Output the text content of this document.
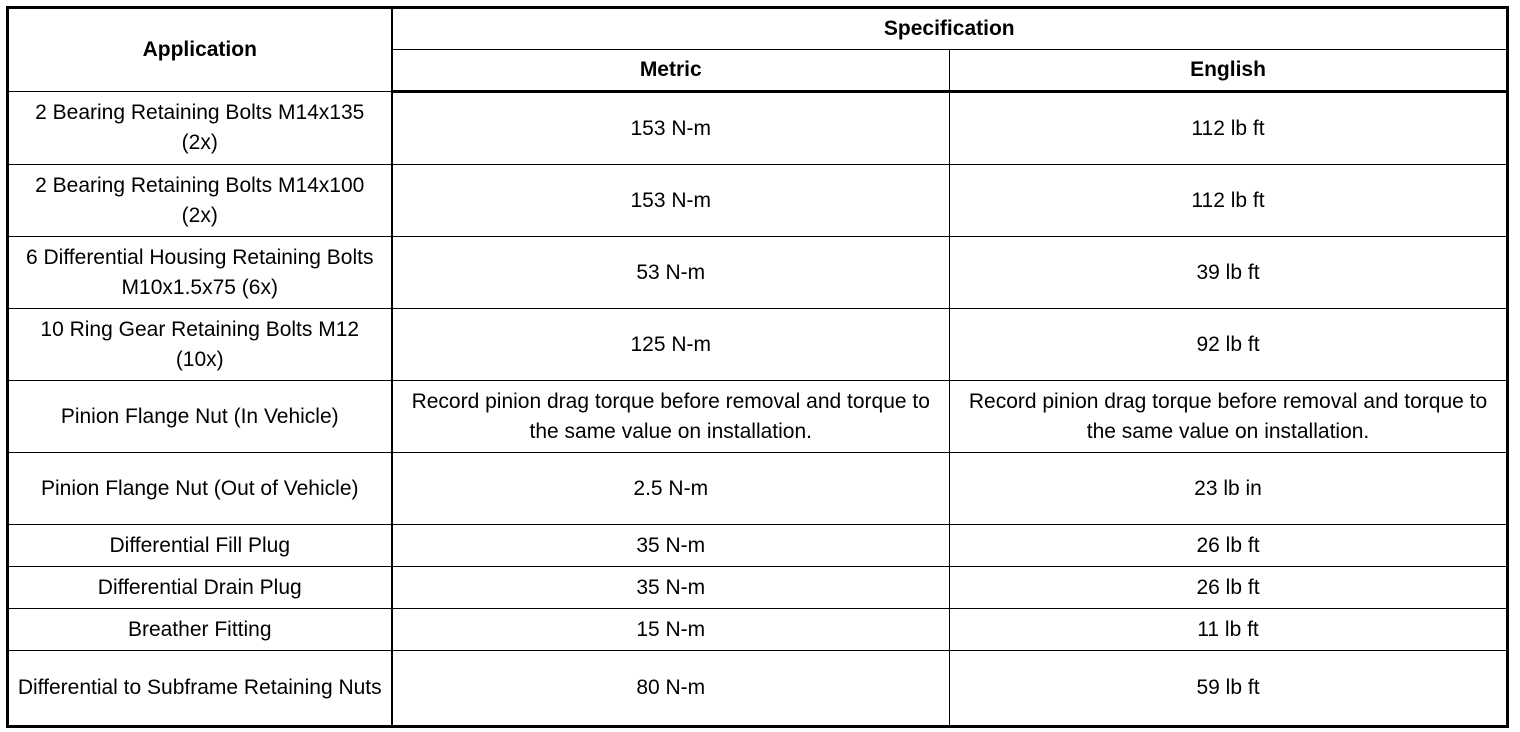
Application	Specification	
	Metric	English
2 Bearing Retaining Bolts M14x135 (2x)	153 N-m	112 lb ft
2 Bearing Retaining Bolts M14x100 (2x)	153 N-m	112 lb ft
6 Differential Housing Retaining Bolts M10x1.5x75 (6x)	53 N-m	39 lb ft
10 Ring Gear Retaining Bolts M12 (10x)	125 N-m	92 lb ft
Pinion Flange Nut (In Vehicle)	Record pinion drag torque before removal and torque to the same value on installation.	Record pinion drag torque before removal and torque to the same value on installation.
Pinion Flange Nut (Out of Vehicle)	2.5 N-m	23 lb in
Differential Fill Plug	35 N-m	26 lb ft
Differential Drain Plug	35 N-m	26 lb ft
Breather Fitting	15 N-m	11 lb ft
Differential to Subframe Retaining Nuts	80 N-m	59 lb ft
